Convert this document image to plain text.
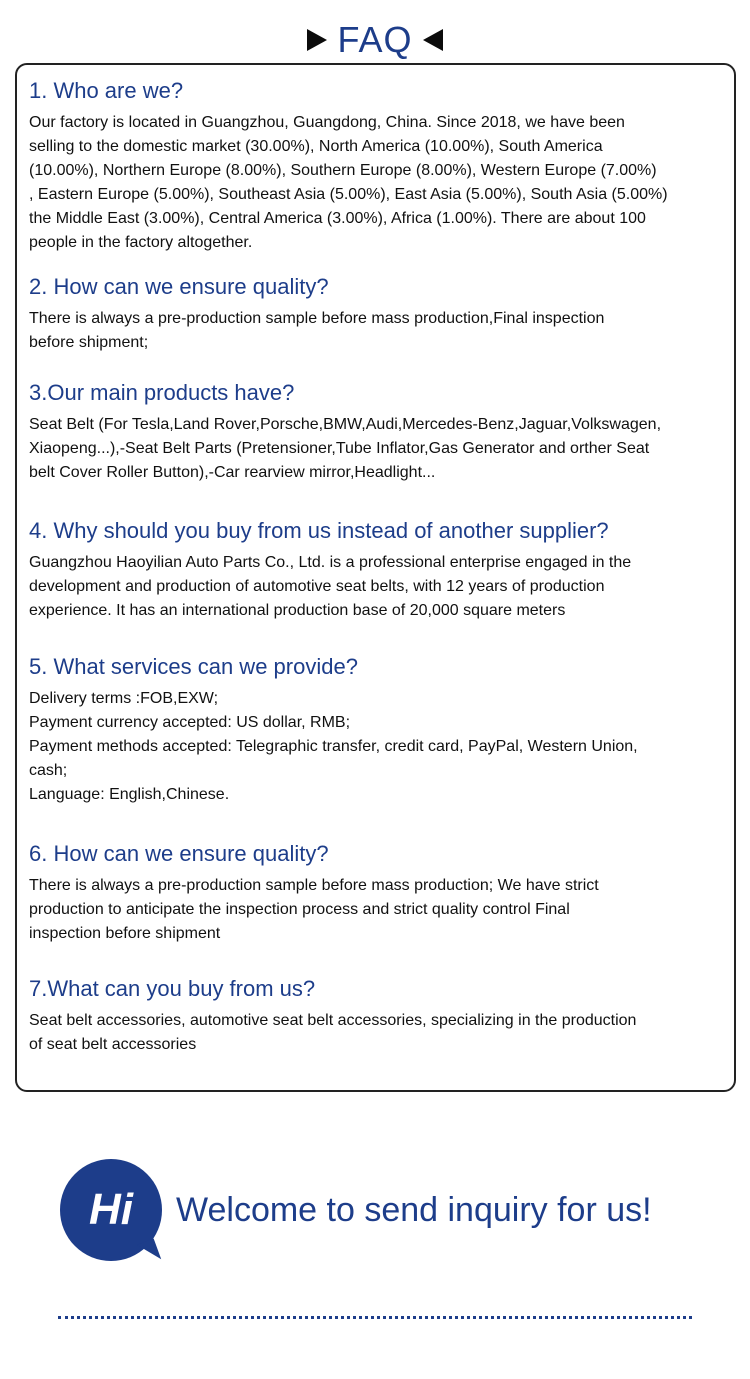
FAQ
1. Who are we?

Our factory is located in Guangzhou, Guangdong, China. Since 2018, we have been
selling to the domestic market (30.00%), North America (10.00%), South America
(10.00%), Northern Europe (8.00%), Southern Europe (8.00%), Western Europe (7.00%)
, Eastern Europe (5.00%), Southeast Asia (5.00%), East Asia (5.00%), South Asia (5.00%)
the Middle East (3.00%), Central America (3.00%), Africa (1.00%). There are about 100
people in the factory altogether.

2. How can we ensure quality?

There is always a pre-production sample before mass production,Final inspection
before shipment;

3.Our main products have?

Seat Belt (For Tesla,Land Rover,Porsche,BMW,Audi,Mercedes-Benz,Jaguar,Volkswagen,
Xiaopeng...),-Seat Belt Parts (Pretensioner,Tube Inflator,Gas Generator and orther Seat
belt Cover Roller Button),-Car rearview mirror,Headlight...

4. Why should you buy from us instead of another supplier?

Guangzhou Haoyilian Auto Parts Co., Ltd. is a professional enterprise engaged in the
development and production of automotive seat belts, with 12 years of production
experience. It has an international production base of 20,000 square meters

5. What services can we provide?

Delivery terms :FOB,EXW;
Payment currency accepted: US dollar, RMB;
Payment methods accepted: Telegraphic transfer, credit card, PayPal, Western Union,
cash;
Language: English,Chinese.

6. How can we ensure quality?

There is always a pre-production sample before mass production; We have strict
production to anticipate the inspection process and strict quality control Final
inspection before shipment

7.What can you buy from us?

Seat belt accessories, automotive seat belt accessories, specializing in the production
of seat belt accessories

Hi	Welcome to send inquiry for us!
